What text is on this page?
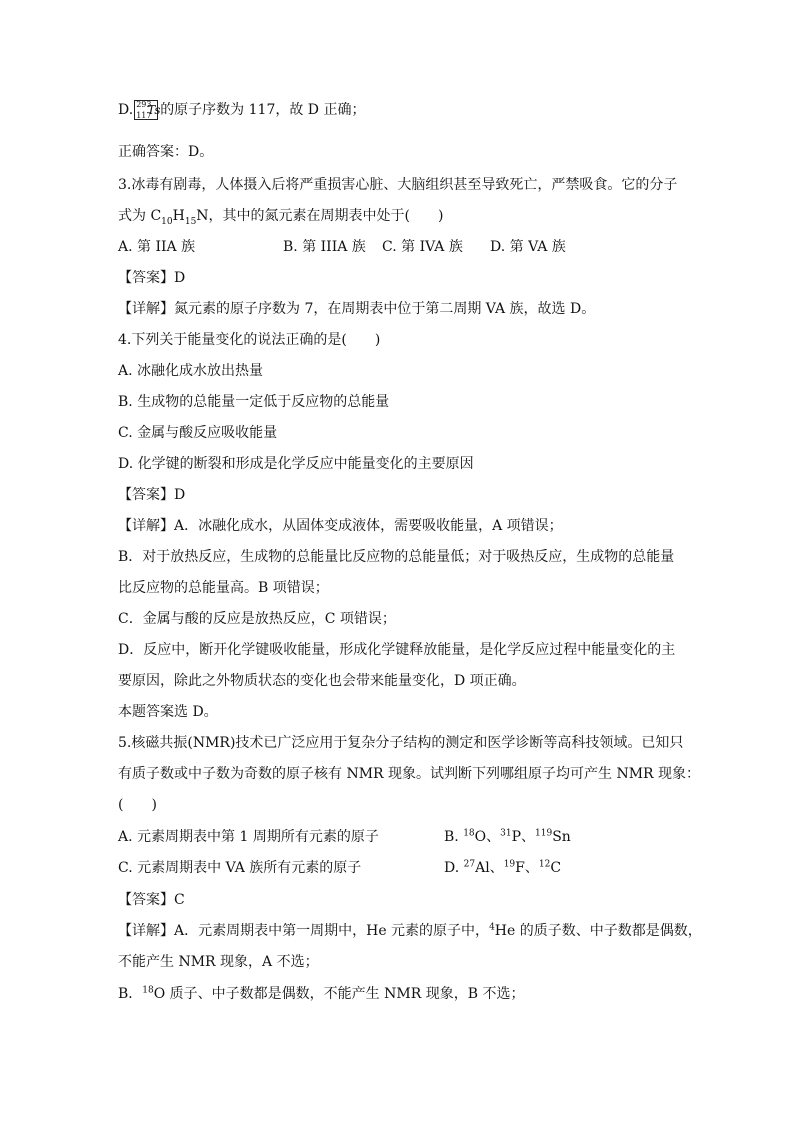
D. 293
117
Ts 的原子序数为 117，故 D 正确；
正确答案：D。
3.冰毒有剧毒，人体摄入后将严重损害心脏、大脑组织甚至导致死亡，严禁吸食。它的分子
式为 $C_{10}H_{15}N$，其中的氮元素在周期表中处于(　　)
A. 第 IIA 族	B. 第 IIIA 族 C. 第 IVA 族 D. 第 VA 族
【答案】D
【详解】氮元素的原子序数为 7，在周期表中位于第二周期 VA 族，故选 D。
4.下列关于能量变化的说法正确的是(　　)
A. 冰融化成水放出热量
B. 生成物的总能量一定低于反应物的总能量
C. 金属与酸反应吸收能量
D. 化学键的断裂和形成是化学反应中能量变化的主要原因
【答案】D
【详解】A．冰融化成水，从固体变成液体，需要吸收能量，A 项错误；
B．对于放热反应，生成物的总能量比反应物的总能量低；对于吸热反应，生成物的总能量
比反应物的总能量高。B 项错误；
C．金属与酸的反应是放热反应，C 项错误；
D．反应中，断开化学键吸收能量，形成化学键释放能量，是化学反应过程中能量变化的主
要原因，除此之外物质状态的变化也会带来能量变化，D 项正确。
本题答案选 D。
5.核磁共振(NMR)技术已广泛应用于复杂分子结构的测定和医学诊断等高科技领域。已知只
有质子数或中子数为奇数的原子核有 NMR 现象。试判断下列哪组原子均可产生 NMR 现象：
(　　)
A. 元素周期表中第 1 周期所有元素的原子	B. $^{18}$O、$^{31}$P、$^{119}$Sn
C. 元素周期表中 VA 族所有元素的原子	D. $^{27}$Al、$^{19}$F、$^{12}$C
【答案】C
【详解】A．元素周期表中第一周期中，He 元素的原子中，$^4$He 的质子数、中子数都是偶数，
不能产生 NMR 现象，A 不选；
B．$^{18}$O 质子、中子数都是偶数，不能产生 NMR 现象，B 不选；
